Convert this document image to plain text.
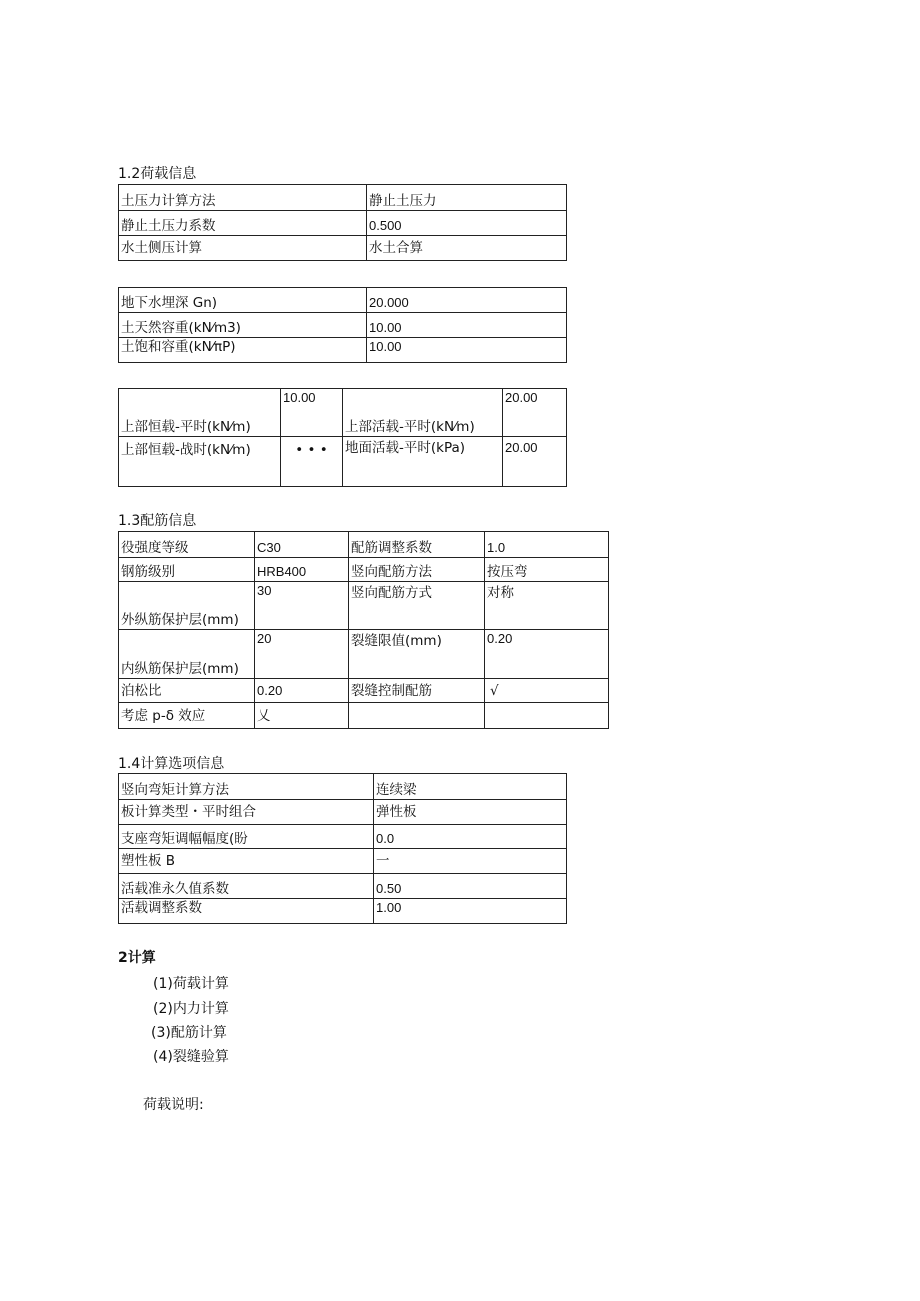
1.2荷载信息
土压力计算方法	静止土压力
静止土压力系数	0.500
水土侧压计算	水土合算
地下水埋深 Gn)	20.000
土天然容重(kN⁄m3)	10.00
土饱和容重(kN⁄πP)	10.00
上部恒载-平时(kN⁄m)	10.00	上部活载-平时(kN⁄m)	20.00
上部恒载-战时(kN⁄m)	• • •	地面活载-平时(kPa)	20.00
1.3配筋信息
役强度等级	C30	配筋调整系数	1.0
钢筋级别	HRB400	竖向配筋方法	按压弯
外纵筋保护层(mm)	30	竖向配筋方式	对称
内纵筋保护层(mm)	20	裂缝限值(mm)	0.20
泊松比	0.20	裂缝控制配筋	√
考虑 p-δ 效应	乂		
1.4计算选项信息
竖向弯矩计算方法	连续梁
板计算类型・平时组合	弹性板
支座弯矩调幅幅度(盼	0.0
塑性板 B	一
活载准永久值系数	0.50
活载调整系数	1.00
2计算
(1)荷载计算
(2)内力计算
(3)配筋计算
(4)裂缝验算
荷载说明:
